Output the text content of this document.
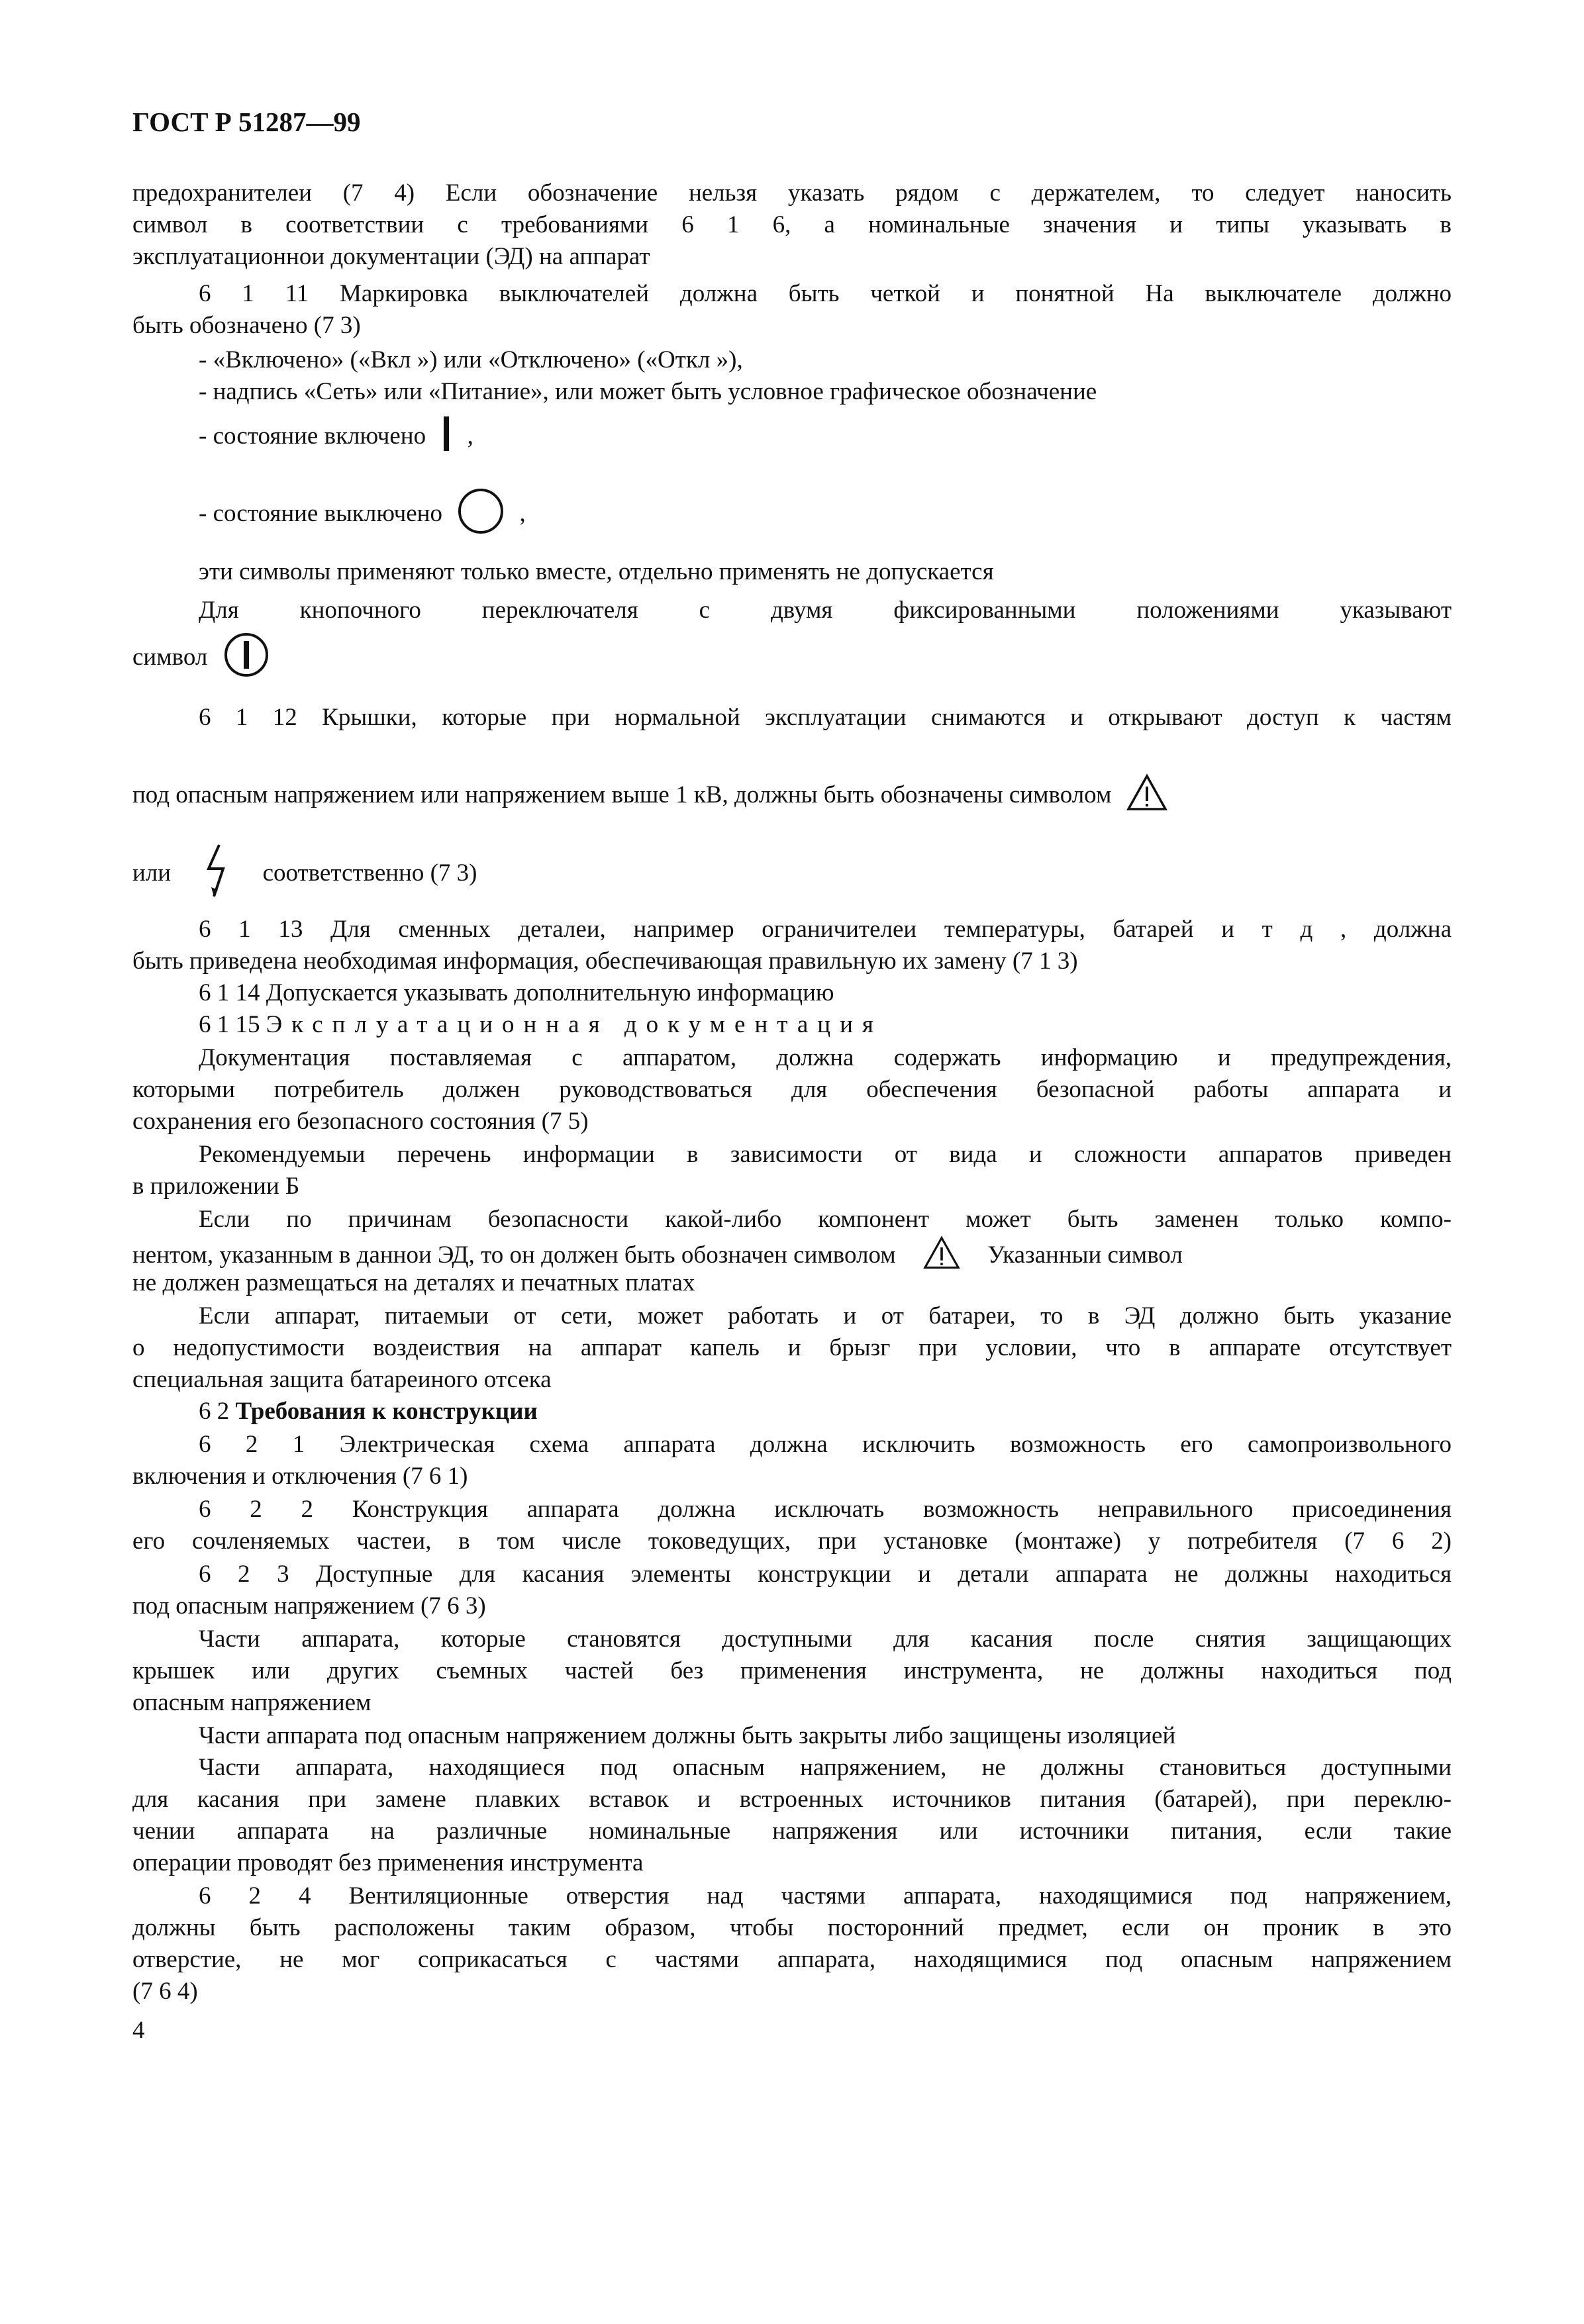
ГОСТ Р 51287—99
предохранителеи (7 4) Если обозначение нельзя указать рядом с держателем, то следует наносить
символ в соответствии с требованиями 6 1 6, а номинальные значения и типы указывать в
эксплуатационнои документации (ЭД) на аппарат
6 1 11 Маркировка выключателей должна быть четкой и понятной На выключателе должно
быть обозначено (7 3)
- «Включено» («Вкл ») или «Отключено» («Откл »),
- надпись «Сеть» или «Питание», или может быть условное графическое обозначение
- состояние включено ,
- состояние выключено	,
эти символы применяют только вместе, отдельно применять не допускается
Для кнопочного переключателя с двумя фиксированными положениями указывают
символ
6 1 12 Крышки, которые при нормальной эксплуатации снимаются и открывают доступ к частям
под опасным напряжением или напряжением выше 1 кВ, должны быть обозначены символом
или	соответственно (7 3)
6 1 13 Для сменных деталеи, например ограничителеи температуры, батарей и т д , должна
быть приведена необходимая информация, обеспечивающая правильную их замену (7 1 3)
6 1 14 Допускается указывать дополнительную информацию
6 1 15 Эксплуатационная документация
Документация поставляемая с аппаратом, должна содержать информацию и предупреждения,
которыми потребитель должен руководствоваться для обеспечения безопасной работы аппарата и
сохранения его безопасного состояния (7 5)
Рекомендуемыи перечень информации в зависимости от вида и сложности аппаратов приведен
в приложении Б
Если по причинам безопасности какой-либо компонент может быть заменен только компо-
нентом, указанным в даннои ЭД, то он должен быть обозначен символом	Указанныи символ
не должен размещаться на деталях и печатных платах
Если аппарат, питаемыи от сети, может работать и от батареи, то в ЭД должно быть указание
о недопустимости воздеиствия на аппарат капель и брызг при условии, что в аппарате отсутствует
специальная защита батареиного отсека
6 2 Требования к конструкции
6 2 1 Электрическая схема аппарата должна исключить возможность его самопроизвольного
включения и отключения (7 6 1)
6 2 2 Конструкция аппарата должна исключать возможность неправильного присоединения
его сочленяемых частеи, в том числе токоведущих, при установке (монтаже) у потребителя (7 6 2)
6 2 3 Доступные для касания элементы конструкции и детали аппарата не должны находиться
под опасным напряжением (7 6 3)
Части аппарата, которые становятся доступными для касания после снятия защищающих
крышек или других съемных частей без применения инструмента, не должны находиться под
опасным напряжением
Части аппарата под опасным напряжением должны быть закрыты либо защищены изоляцией
Части аппарата, находящиеся под опасным напряжением, не должны становиться доступными
для касания при замене плавких вставок и встроенных источников питания (батарей), при переклю-
чении аппарата на различные номинальные напряжения или источники питания, если такие
операции проводят без применения инструмента
6 2 4 Вентиляционные отверстия над частями аппарата, находящимися под напряжением,
должны быть расположены таким образом, чтобы посторонний предмет, если он проник в это
отверстие, не мог соприкасаться с частями аппарата, находящимися под опасным напряжением
(7 6 4)
4
